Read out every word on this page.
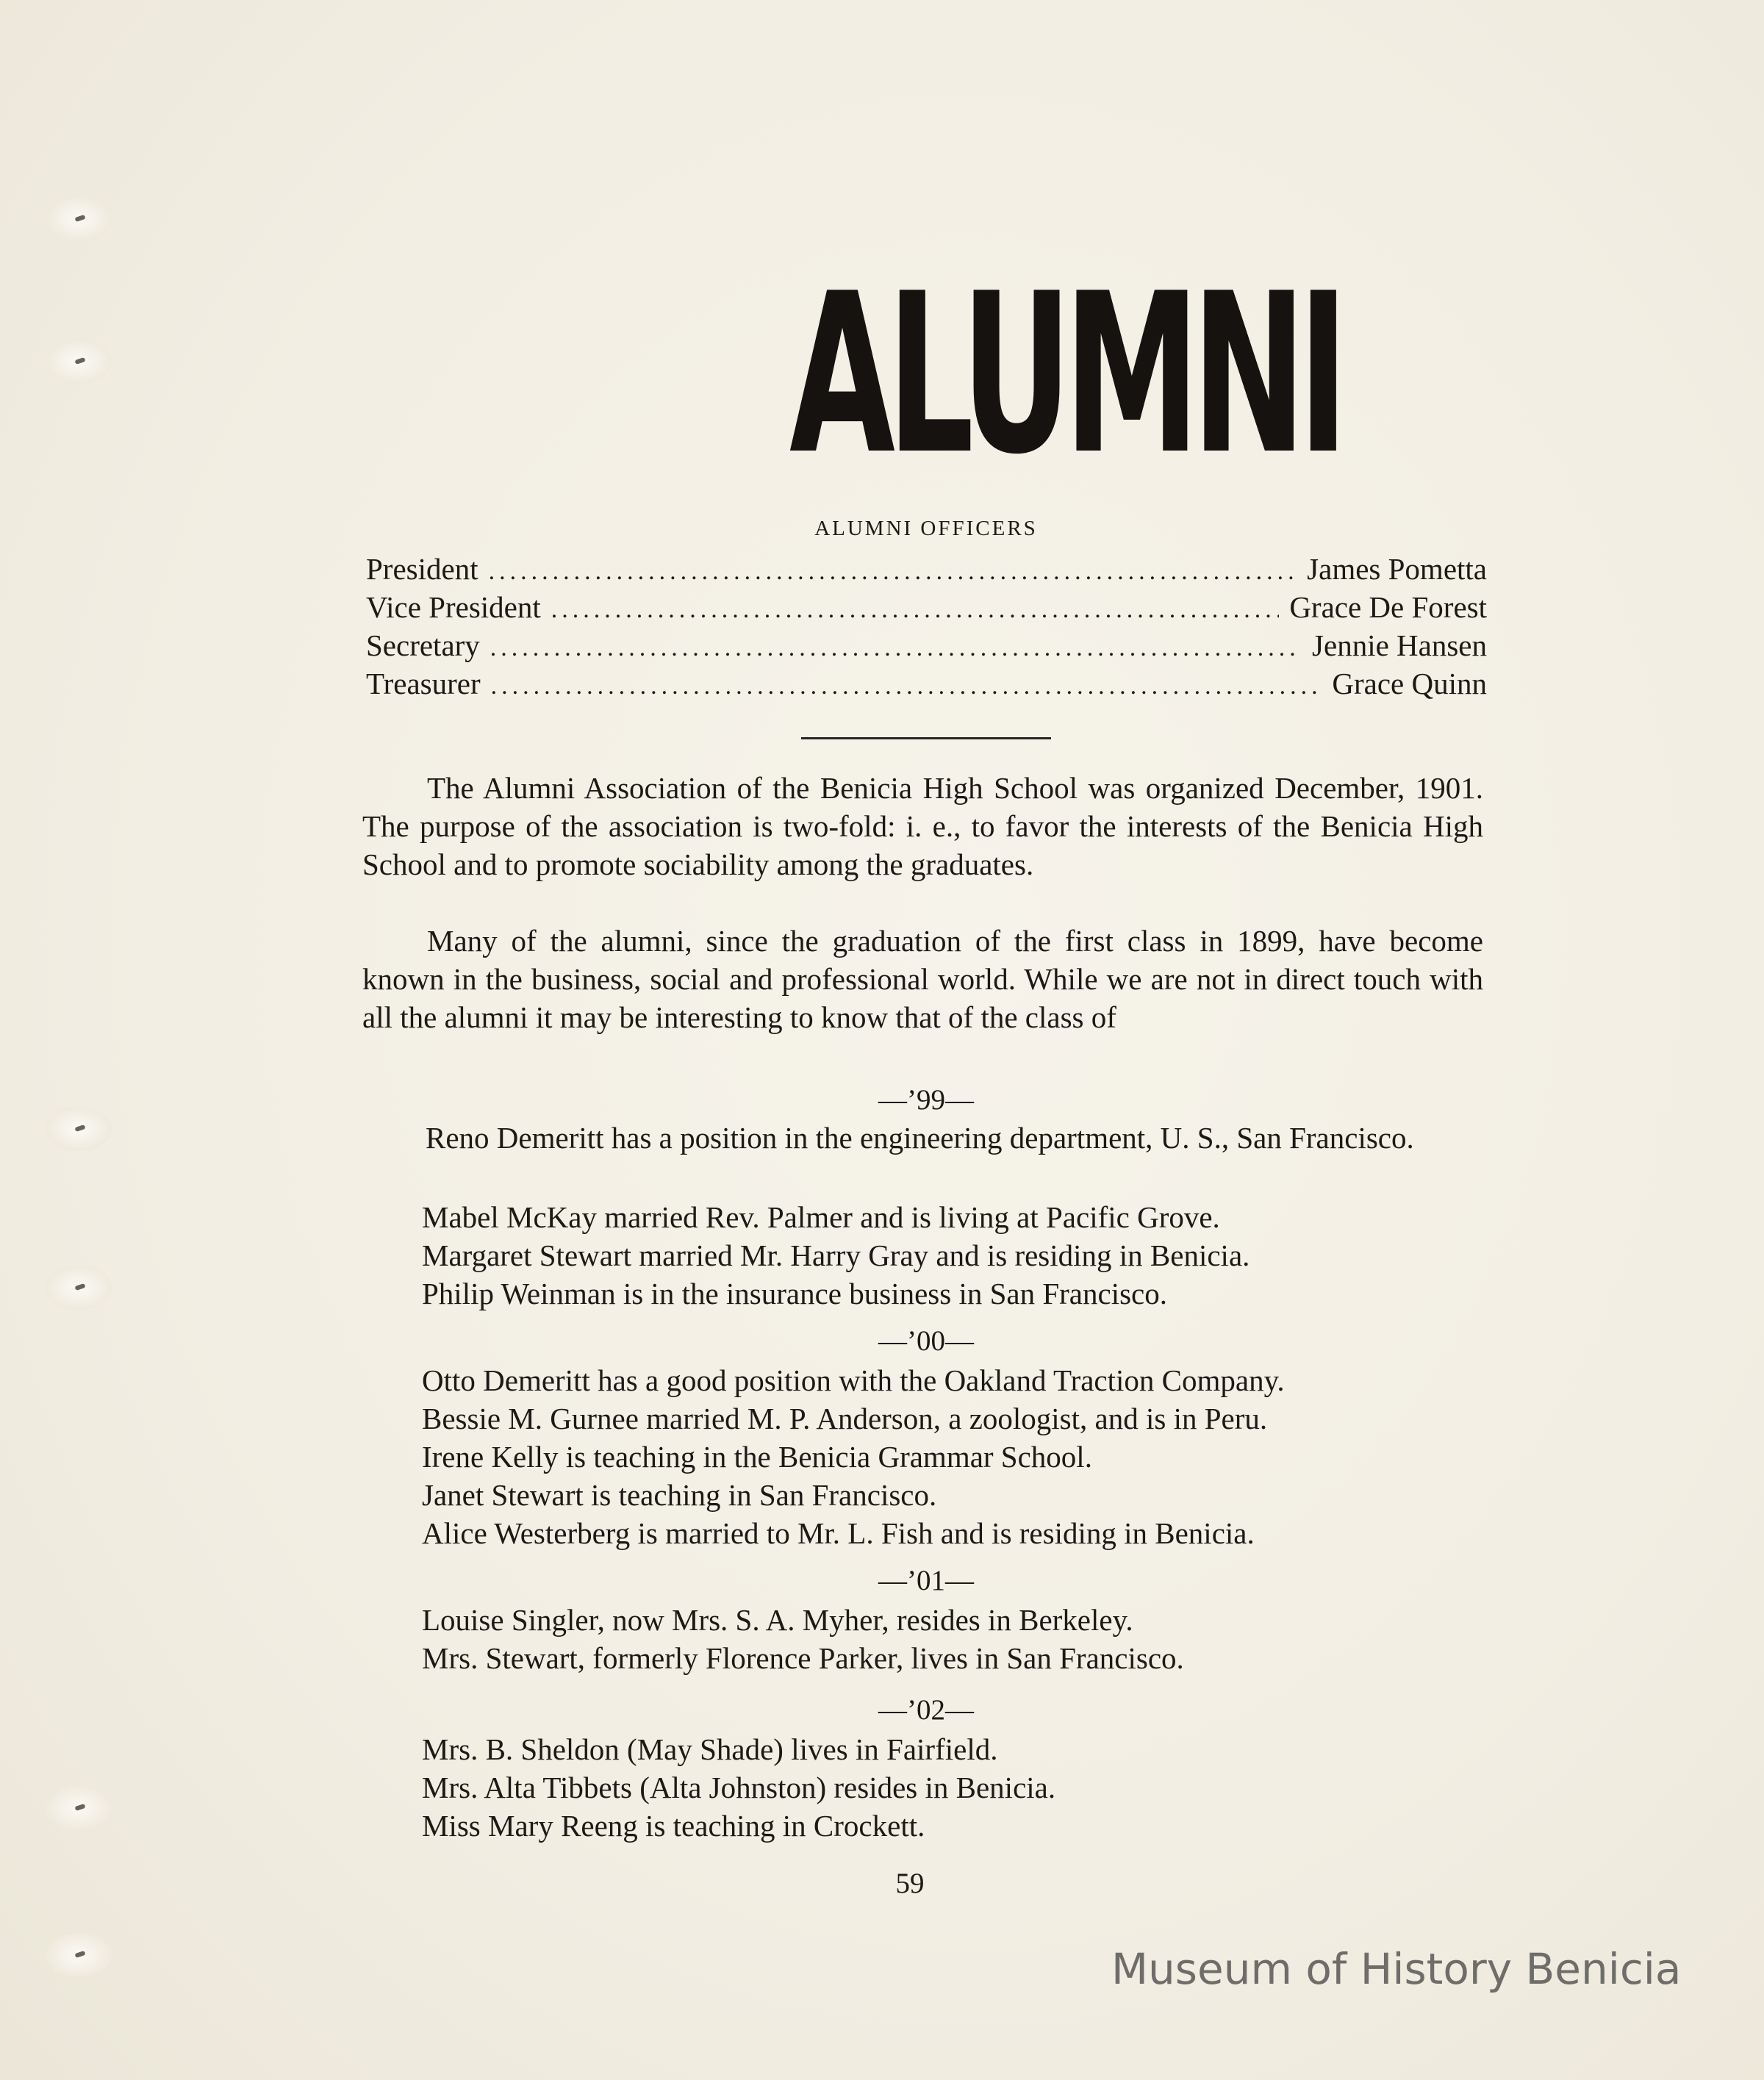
ALUMNI
ALUMNI OFFICERS
President .....	James Pometta
Vice President .....	Grace De Forest
Secretary .....	Jennie Hansen
Treasurer .....	Grace Quinn
The Alumni Association of the Benicia High School was organized December, 1901. The purpose of the association is two-fold: i. e., to favor the interests of the Benicia High School and to promote sociability among the graduates.
Many of the alumni, since the graduation of the first class in 1899, have become known in the business, social and professional world. While we are not in direct touch with all the alumni it may be interesting to know that of the class of
—’99—
Reno Demeritt has a position in the engineering department, U. S., San Francisco.
Mabel McKay married Rev. Palmer and is living at Pacific Grove.
Margaret Stewart married Mr. Harry Gray and is residing in Benicia.
Philip Weinman is in the insurance business in San Francisco.
—’00—
Otto Demeritt has a good position with the Oakland Traction Company.
Bessie M. Gurnee married M. P. Anderson, a zoologist, and is in Peru.
Irene Kelly is teaching in the Benicia Grammar School.
Janet Stewart is teaching in San Francisco.
Alice Westerberg is married to Mr. L. Fish and is residing in Benicia.
—’01—
Louise Singler, now Mrs. S. A. Myher, resides in Berkeley.
Mrs. Stewart, formerly Florence Parker, lives in San Francisco.
—’02—
Mrs. B. Sheldon (May Shade) lives in Fairfield.
Mrs. Alta Tibbets (Alta Johnston) resides in Benicia.
Miss Mary Reeng is teaching in Crockett.
59
Museum of History Benicia
